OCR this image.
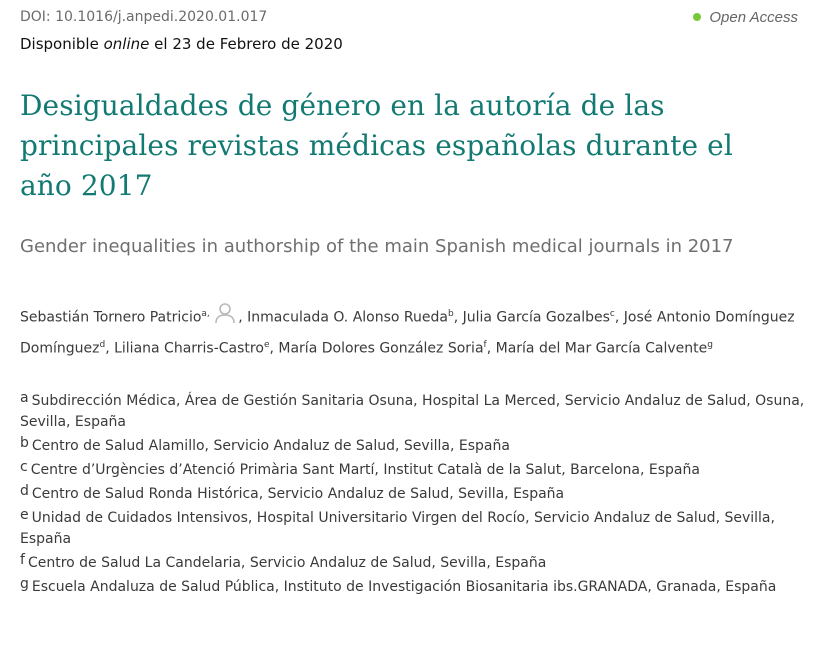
DOI: 10.1016/j.anpedi.2020.01.017	Open Access
Disponible online el 23 de Febrero de 2020
Desigualdades de género en la autoría de las principales revistas médicas españolas durante el año 2017
Gender inequalities in authorship of the main Spanish medical journals in 2017
Sebastián Tornero Patricio$^{a,}$ , Inmaculada O. Alonso Rueda$^b$, Julia García Gozalbes$^c$, José Antonio Domínguez Domínguez$^d$, Liliana Charris-Castro$^e$, María Dolores González Soria$^f$, María del Mar García Calvente$^g$
a Subdirección Médica, Área de Gestión Sanitaria Osuna, Hospital La Merced, Servicio Andaluz de Salud, Osuna, Sevilla, España
b Centro de Salud Alamillo, Servicio Andaluz de Salud, Sevilla, España
c Centre d’Urgències d’Atenció Primària Sant Martí, Institut Català de la Salut, Barcelona, España
d Centro de Salud Ronda Histórica, Servicio Andaluz de Salud, Sevilla, España
e Unidad de Cuidados Intensivos, Hospital Universitario Virgen del Rocío, Servicio Andaluz de Salud, Sevilla, España
f Centro de Salud La Candelaria, Servicio Andaluz de Salud, Sevilla, España
g Escuela Andaluza de Salud Pública, Instituto de Investigación Biosanitaria ibs.GRANADA, Granada, España
